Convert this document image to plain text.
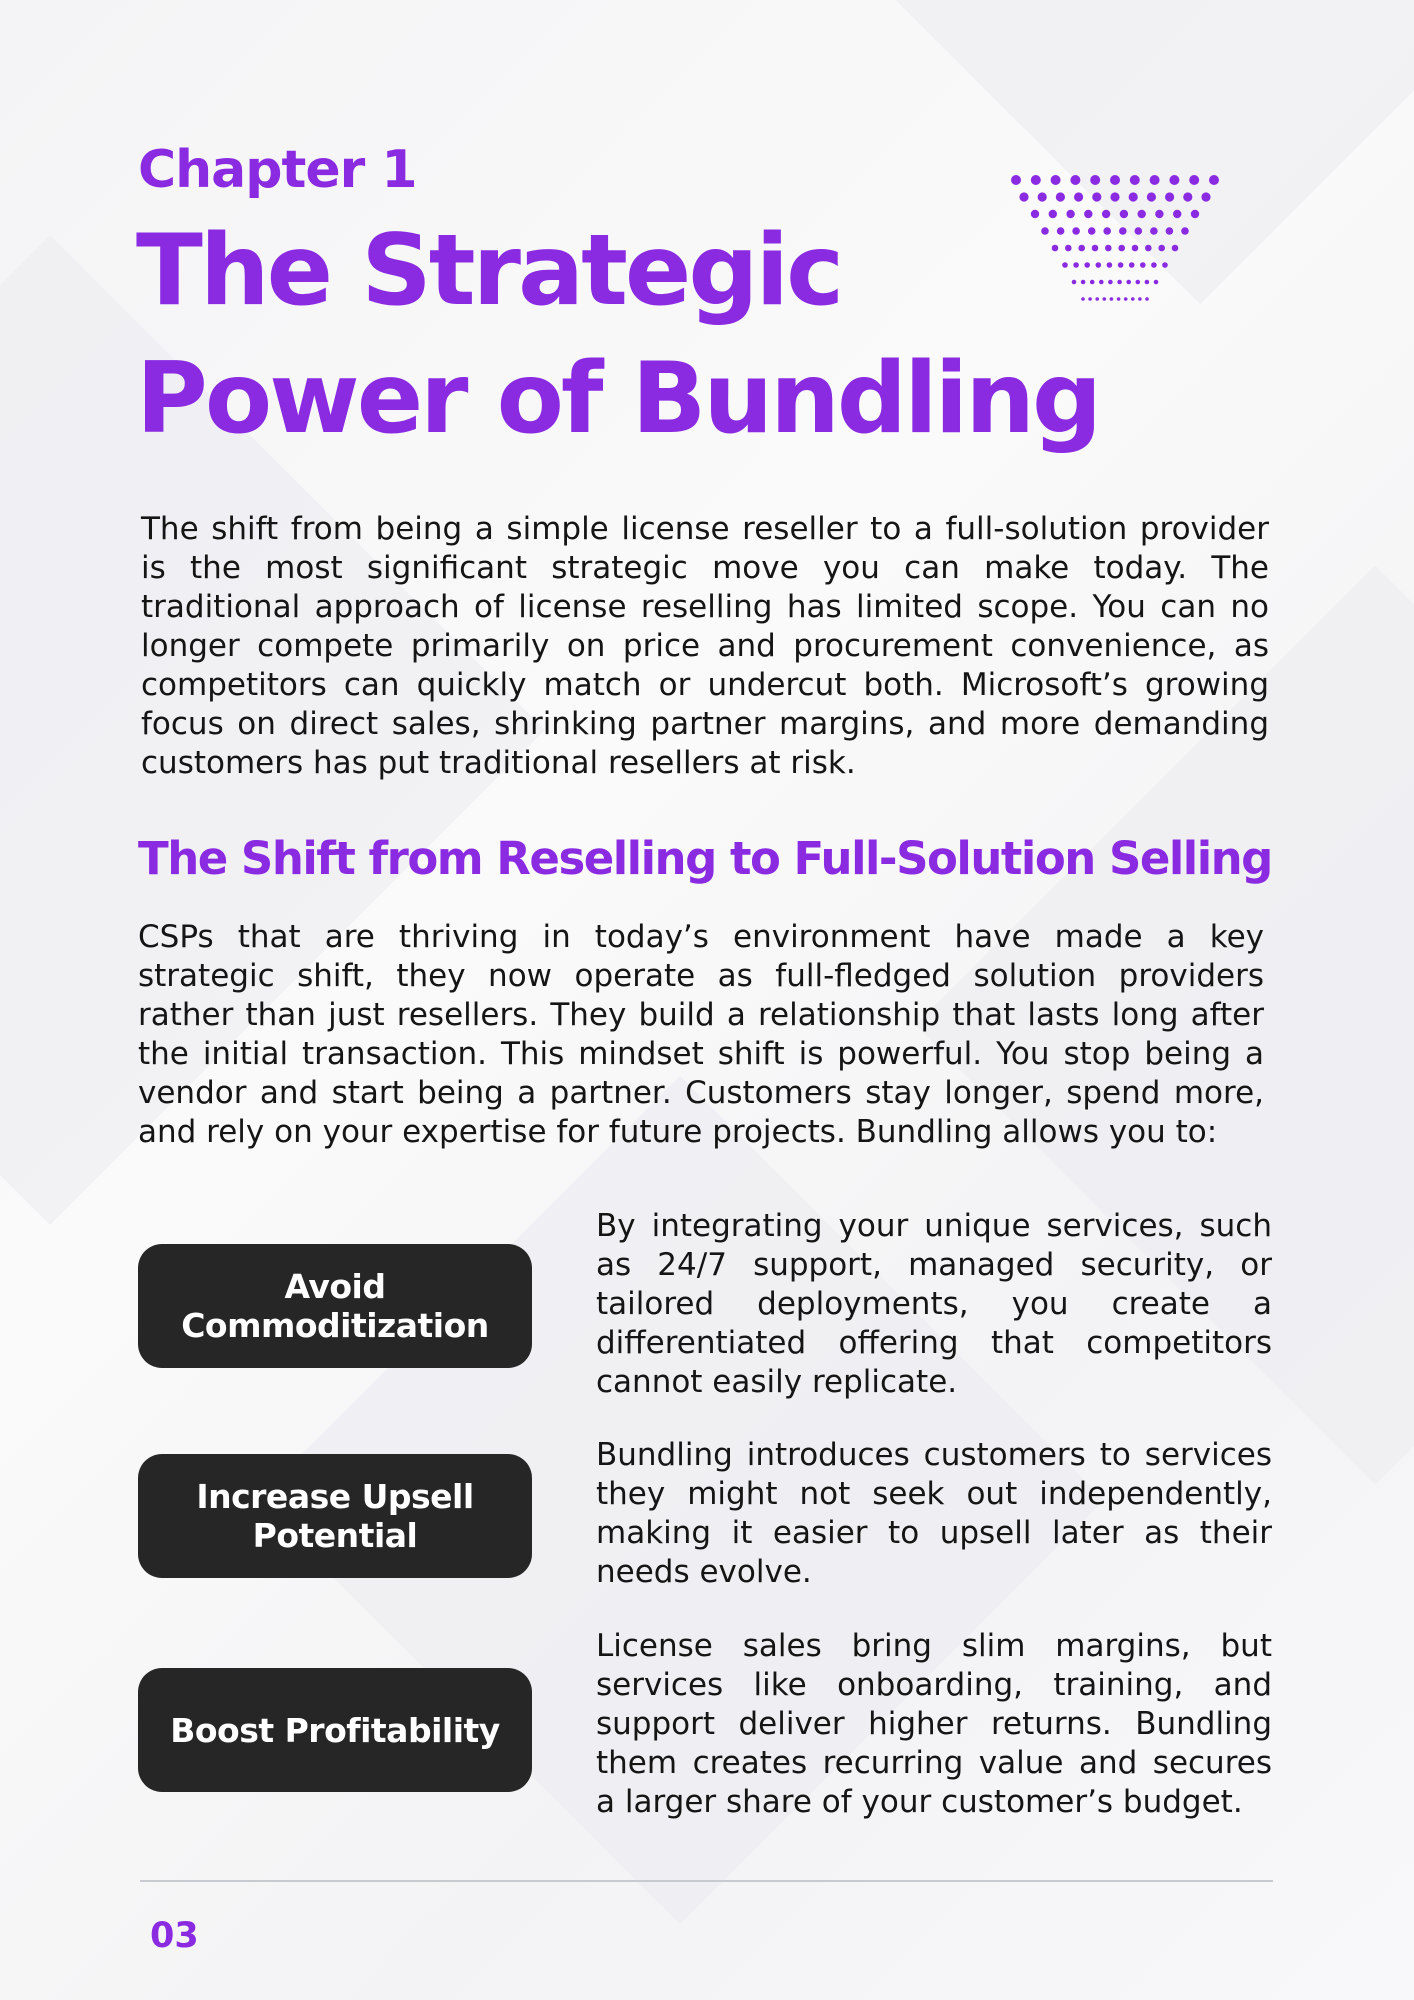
Chapter 1
The Strategic
Power of Bundling
The shift from being a simple license reseller to a full-solution provider is the most significant strategic move you can make today. The traditional approach of license reselling has limited scope. You can no longer compete primarily on price and procurement convenience, as competitors can quickly match or undercut both. Microsoft’s growing focus on direct sales, shrinking partner margins, and more demanding customers has put traditional resellers at risk.
The Shift from Reselling to Full-Solution Selling
CSPs that are thriving in today’s environment have made a key strategic shift, they now operate as full-fledged solution providers rather than just resellers. They build a relationship that lasts long after the initial transaction. This mindset shift is powerful. You stop being a vendor and start being a partner. Customers stay longer, spend more, and rely on your expertise for future projects. Bundling allows you to:
Avoid Commoditization
By integrating your unique services, such as 24/7 support, managed security, or tailored deployments, you create a differentiated offering that competitors cannot easily replicate.
Increase Upsell Potential
Bundling introduces customers to services they might not seek out independently, making it easier to upsell later as their needs evolve.
Boost Profitability
License sales bring slim margins, but services like onboarding, training, and support deliver higher returns. Bundling them creates recurring value and secures a larger share of your customer’s budget.
03
